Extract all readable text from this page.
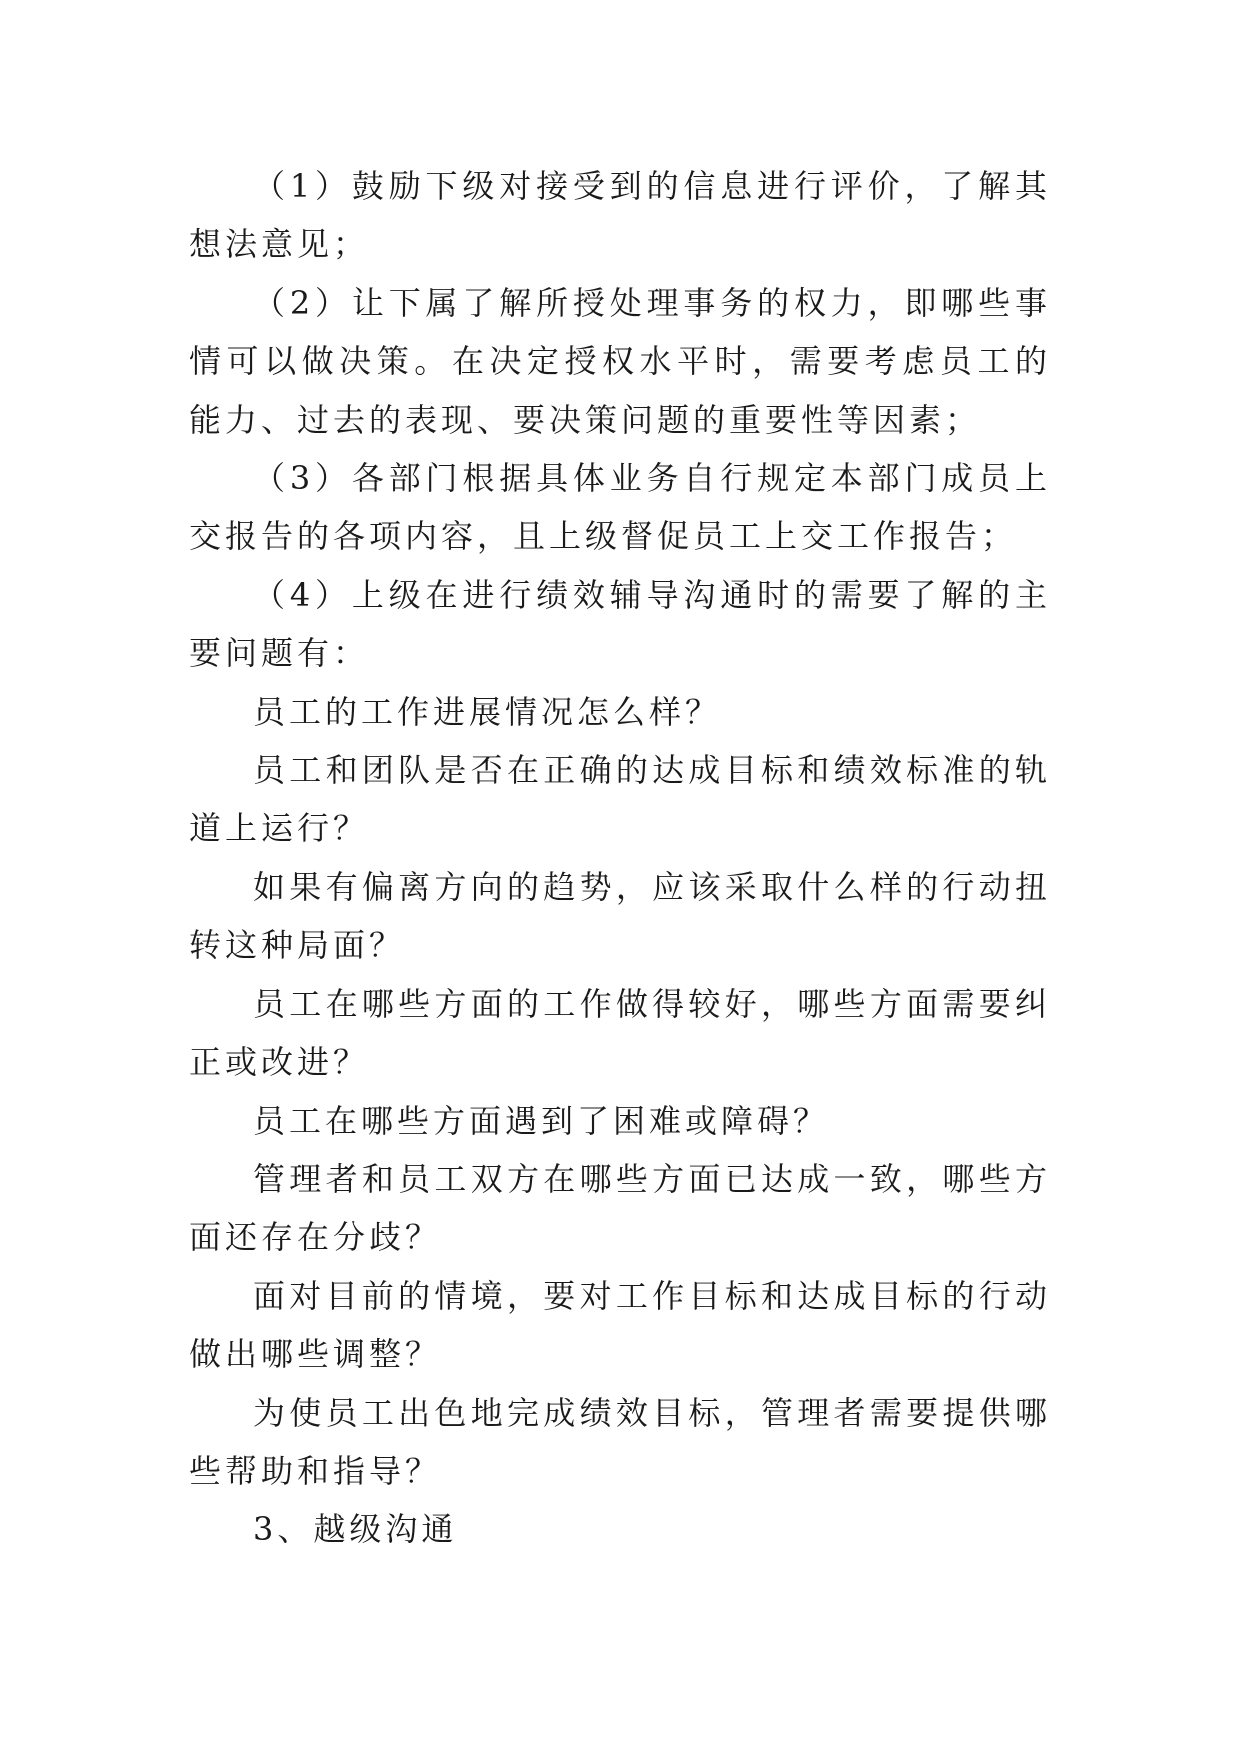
（1）鼓励下级对接受到的信息进行评价，了解其想法意见；

（2）让下属了解所授处理事务的权力，即哪些事情可以做决策。在决定授权水平时，需要考虑员工的能力、过去的表现、要决策问题的重要性等因素；

（3）各部门根据具体业务自行规定本部门成员上交报告的各项内容，且上级督促员工上交工作报告；

（4）上级在进行绩效辅导沟通时的需要了解的主要问题有：

员工的工作进展情况怎么样？

员工和团队是否在正确的达成目标和绩效标准的轨道上运行？

如果有偏离方向的趋势，应该采取什么样的行动扭转这种局面？

员工在哪些方面的工作做得较好，哪些方面需要纠正或改进？

员工在哪些方面遇到了困难或障碍？

管理者和员工双方在哪些方面已达成一致，哪些方面还存在分歧？

面对目前的情境，要对工作目标和达成目标的行动做出哪些调整？

为使员工出色地完成绩效目标，管理者需要提供哪些帮助和指导？

3、越级沟通
